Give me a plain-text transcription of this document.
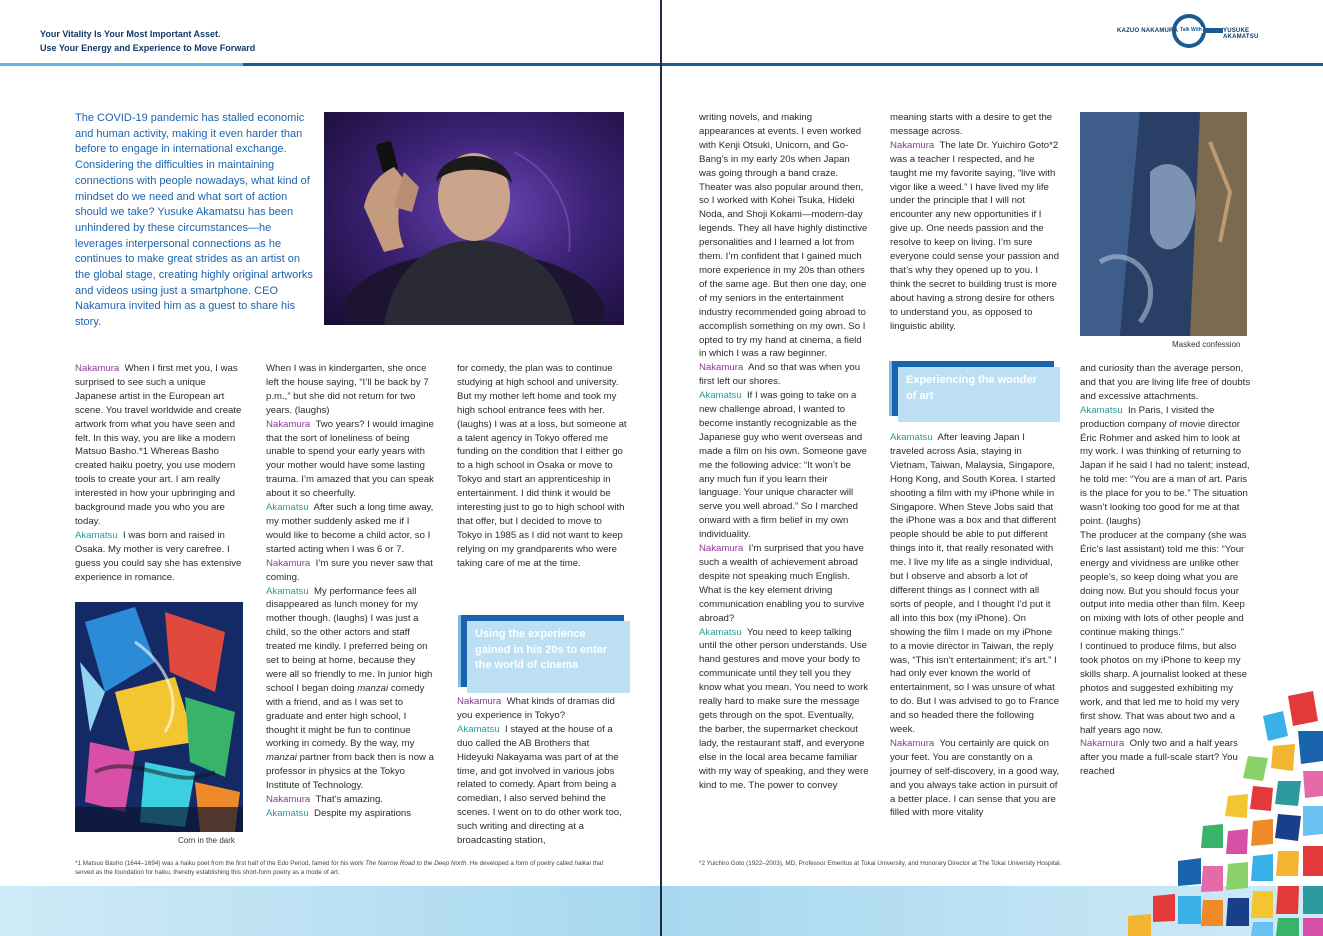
Your Vitality Is Your Most Important Asset.
Use Your Energy and Experience to Move Forward
The COVID-19 pandemic has stalled economic and human activity, making it even harder than before to engage in international exchange. Considering the difficulties in maintaining connections with people nowadays, what kind of mindset do we need and what sort of action should we take? Yusuke Akamatsu has been unhindered by these circumstances—he leverages interpersonal connections as he continues to make great strides as an artist on the global stage, creating highly original artworks and videos using just a smartphone. CEO Nakamura invited him as a guest to share his story.

Nakamura When I first met you, I was surprised to see such a unique Japanese artist in the European art scene. You travel worldwide and create artwork from what you have seen and felt. In this way, you are like a modern Matsuo Basho.*1 Whereas Basho created haiku poetry, you use modern tools to create your art. I am really interested in how your upbringing and background made you who you are today.

Akamatsu I was born and raised in Osaka. My mother is very carefree. I guess you could say she has extensive experience in romance.

Corn in the dark

When I was in kindergarten, she once left the house saying, “I’ll be back by 7 p.m.,” but she did not return for two years. (laughs)

Nakamura Two years? I would imagine that the sort of loneliness of being unable to spend your early years with your mother would have some lasting trauma. I’m amazed that you can speak about it so cheerfully.

Akamatsu After such a long time away, my mother suddenly asked me if I would like to become a child actor, so I started acting when I was 6 or 7.

Nakamura I’m sure you never saw that coming.

Akamatsu My performance fees all disappeared as lunch money for my mother though. (laughs) I was just a child, so the other actors and staff treated me kindly. I preferred being on set to being at home, because they were all so friendly to me. In junior high school I began doing manzai comedy with a friend, and as I was set to graduate and enter high school, I thought it might be fun to continue working in comedy. By the way, my manzai partner from back then is now a professor in physics at the Tokyo Institute of Technology.

Nakamura That’s amazing.

Akamatsu Despite my aspirations

for comedy, the plan was to continue studying at high school and university. But my mother left home and took my high school entrance fees with her. (laughs) I was at a loss, but someone at a talent agency in Tokyo offered me funding on the condition that I either go to a high school in Osaka or move to Tokyo and start an apprenticeship in entertainment. I did think it would be interesting just to go to high school with that offer, but I decided to move to Tokyo in 1985 as I did not want to keep relying on my grandparents who were taking care of me at the time.

Using the experience gained in his 20s to enter the world of cinema

Nakamura What kinds of dramas did you experience in Tokyo?

Akamatsu I stayed at the house of a duo called the AB Brothers that Hideyuki Nakayama was part of at the time, and got involved in various jobs related to comedy. Apart from being a comedian, I also served behind the scenes. I went on to do other work too, such writing and directing at a broadcasting station,

*1 Matsuo Basho (1644–1694) was a haiku poet from the first half of the Edo Period, famed for his work The Narrow Road to the Deep North. He developed a form of poetry called haikai that served as the foundation for haiku, thereby establishing this short-form poetry as a mode of art.
KAZUO NAKAMURA Talk With	YUSUKE AKAMATSU

writing novels, and making appearances at events. I even worked with Kenji Otsuki, Unicorn, and Go-Bang’s in my early 20s when Japan was going through a band craze. Theater was also popular around then, so I worked with Kohei Tsuka, Hideki Noda, and Shoji Kokami—modern-day legends. They all have highly distinctive personalities and I learned a lot from them. I’m confident that I gained much more experience in my 20s than others of the same age. But then one day, one of my seniors in the entertainment industry recommended going abroad to accomplish something on my own. So I opted to try my hand at cinema, a field in which I was a raw beginner.

Nakamura And so that was when you first left our shores.

Akamatsu If I was going to take on a new challenge abroad, I wanted to become instantly recognizable as the Japanese guy who went overseas and made a film on his own. Someone gave me the following advice: “It won’t be any much fun if you learn their language. Your unique character will serve you well abroad.” So I marched onward with a firm belief in my own individuality.

Nakamura I’m surprised that you have such a wealth of achievement abroad despite not speaking much English. What is the key element driving communication enabling you to survive abroad?

Akamatsu You need to keep talking until the other person understands. Use hand gestures and move your body to communicate until they tell you they know what you mean. You need to work really hard to make sure the message gets through on the spot. Eventually, the barber, the supermarket checkout lady, the restaurant staff, and everyone else in the local area became familiar with my way of speaking, and they were kind to me. The power to convey

meaning starts with a desire to get the message across.

Nakamura The late Dr. Yuichiro Goto*2 was a teacher I respected, and he taught me my favorite saying, “live with vigor like a weed.” I have lived my life under the principle that I will not encounter any new opportunities if I give up. One needs passion and the resolve to keep on living. I’m sure everyone could sense your passion and that’s why they opened up to you. I think the secret to building trust is more about having a strong desire for others to understand you, as opposed to linguistic ability.

Experiencing the wonder of art

Akamatsu After leaving Japan I traveled across Asia, staying in Vietnam, Taiwan, Malaysia, Singapore, Hong Kong, and South Korea. I started shooting a film with my iPhone while in Singapore. When Steve Jobs said that the iPhone was a box and that different people should be able to put different things into it, that really resonated with me. I live my life as a single individual, but I observe and absorb a lot of different things as I connect with all sorts of people, and I thought I’d put it all into this box (my iPhone). On showing the film I made on my iPhone to a movie director in Taiwan, the reply was, “This isn’t entertainment; it’s art.” I had only ever known the world of entertainment, so I was unsure of what to do. But I was advised to go to France and so headed there the following week.

Nakamura You certainly are quick on your feet. You are constantly on a journey of self-discovery, in a good way, and you always take action in pursuit of a better place. I can sense that you are filled with more vitality

Masked confession

and curiosity than the average person, and that you are living life free of doubts and excessive attachments.

Akamatsu In Paris, I visited the production company of movie director Éric Rohmer and asked him to look at my work. I was thinking of returning to Japan if he said I had no talent; instead, he told me: “You are a man of art. Paris is the place for you to be.” The situation wasn’t looking too good for me at that point. (laughs)

The producer at the company (she was Éric’s last assistant) told me this: “Your energy and vividness are unlike other people’s, so keep doing what you are doing now. But you should focus your output into media other than film. Keep on mixing with lots of other people and continue making things.”

I continued to produce films, but also took photos on my iPhone to keep my skills sharp. A journalist looked at these photos and suggested exhibiting my work, and that led me to hold my very first show. That was about two and a half years ago now.

Nakamura Only two and a half years after you made a full-scale start? You reached

*2 Yuichiro Goto (1922–2003), MD, Professor Emeritus at Tokai University, and Honorary Director at The Tokai University Hospital.
